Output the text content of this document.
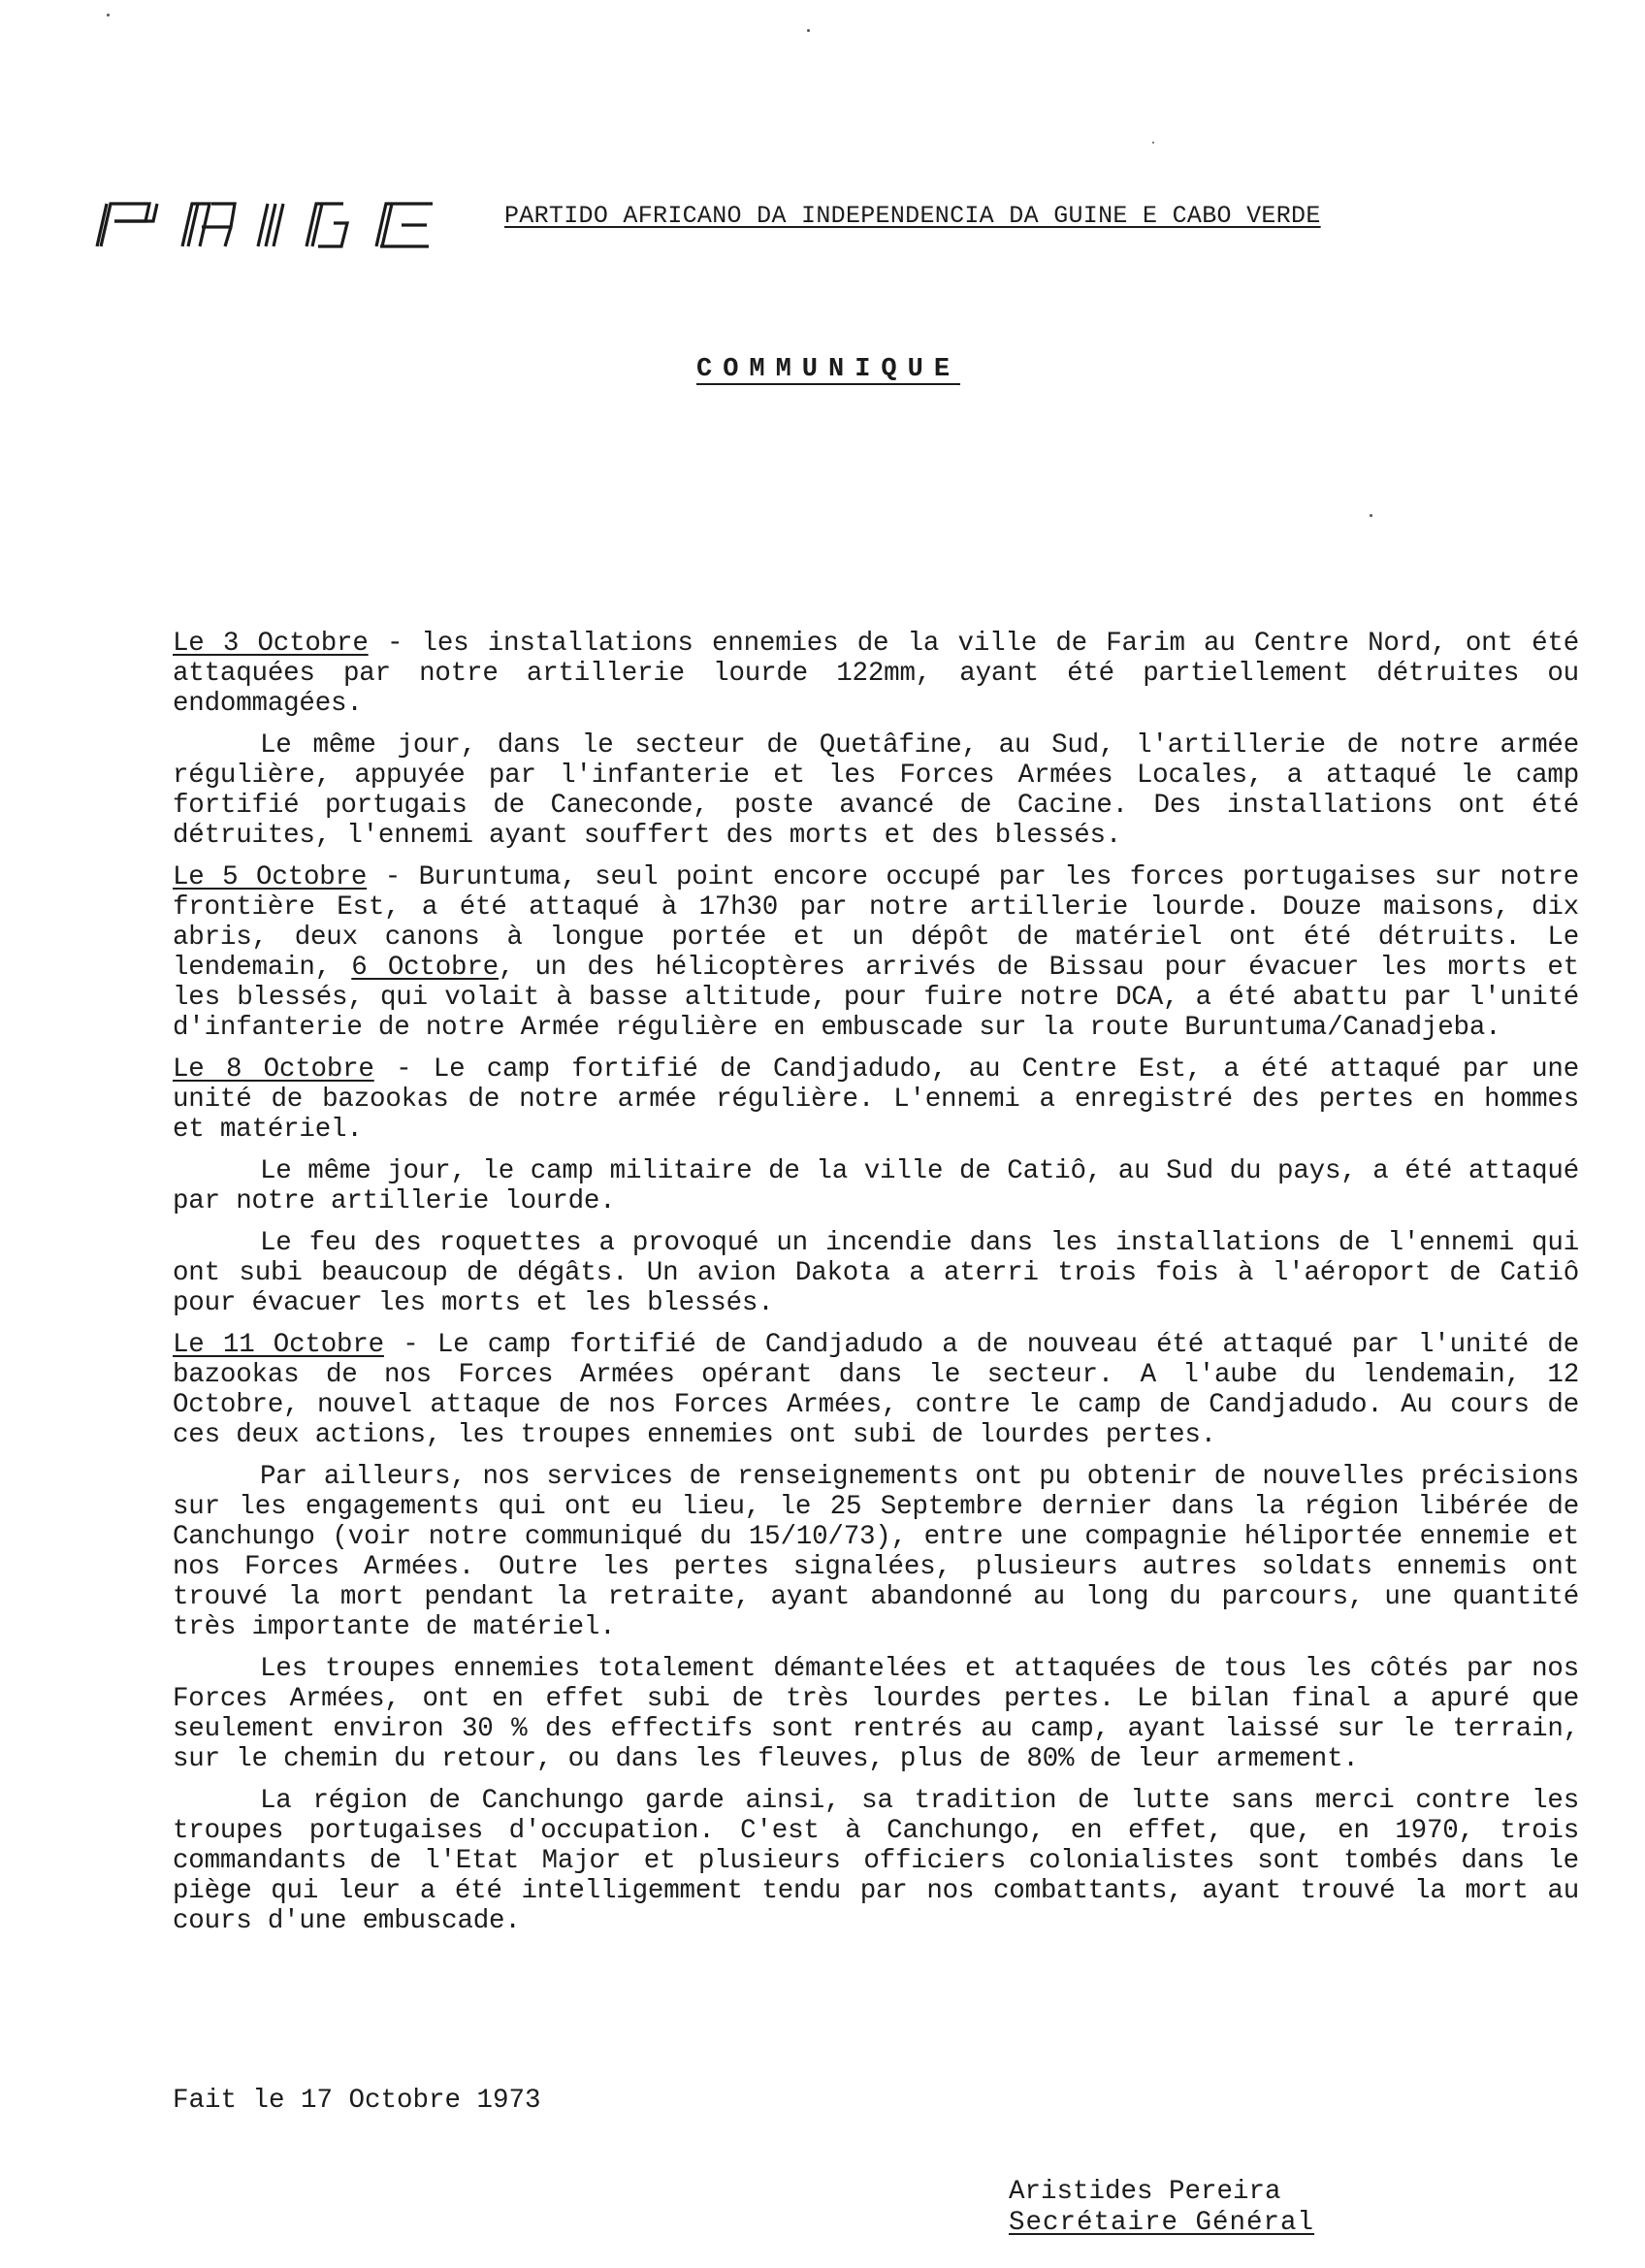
PARTIDO AFRICANO DA INDEPENDENCIA DA GUINE E CABO VERDE
COMMUNIQUE

Le 3 Octobre - les installations ennemies de la ville de Farim au Centre Nord, ont été attaquées par notre artillerie lourde 122mm, ayant été partiellement détruites ou endommagées.

Le même jour, dans le secteur de Quetâfine, au Sud, l'artillerie de notre armée régulière, appuyée par l'infanterie et les Forces Armées Locales, a attaqué le camp fortifié portugais de Caneconde, poste avancé de Cacine. Des installations ont été détruites, l'ennemi ayant souffert des morts et des blessés.

Le 5 Octobre - Buruntuma, seul point encore occupé par les forces portugaises sur notre frontière Est, a été attaqué à 17h30 par notre artillerie lourde. Douze maisons, dix abris, deux canons à longue portée et un dépôt de matériel ont été détruits. Le lendemain, 6 Octobre, un des hélicoptères arrivés de Bissau pour évacuer les morts et les blessés, qui volait à basse altitude, pour fuire notre DCA, a été abattu par l'unité d'infanterie de notre Armée régulière en embuscade sur la route Buruntuma/Canadjeba.

Le 8 Octobre - Le camp fortifié de Candjadudo, au Centre Est, a été attaqué par une unité de bazookas de notre armée régulière. L'ennemi a enregistré des pertes en hommes et matériel.

Le même jour, le camp militaire de la ville de Catiô, au Sud du pays, a été attaqué par notre artillerie lourde.

Le feu des roquettes a provoqué un incendie dans les installations de l'ennemi qui ont subi beaucoup de dégâts. Un avion Dakota a aterri trois fois à l'aéroport de Catiô pour évacuer les morts et les blessés.

Le 11 Octobre - Le camp fortifié de Candjadudo a de nouveau été attaqué par l'unité de bazookas de nos Forces Armées opérant dans le secteur. A l'aube du lendemain, 12 Octobre, nouvel attaque de nos Forces Armées, contre le camp de Candjadudo. Au cours de ces deux actions, les troupes ennemies ont subi de lourdes pertes.

Par ailleurs, nos services de renseignements ont pu obtenir de nouvelles précisions sur les engagements qui ont eu lieu, le 25 Septembre dernier dans la région libérée de Canchungo (voir notre communiqué du 15/10/73), entre une compagnie héliportée ennemie et nos Forces Armées. Outre les pertes signalées, plusieurs autres soldats ennemis ont trouvé la mort pendant la retraite, ayant abandonné au long du parcours, une quantité très importante de matériel.

Les troupes ennemies totalement démantelées et attaquées de tous les côtés par nos Forces Armées, ont en effet subi de très lourdes pertes. Le bilan final a apuré que seulement environ 30 % des effectifs sont rentrés au camp, ayant laissé sur le terrain, sur le chemin du retour, ou dans les fleuves, plus de 80% de leur armement.

La région de Canchungo garde ainsi, sa tradition de lutte sans merci contre les troupes portugaises d'occupation. C'est à Canchungo, en effet, que, en 1970, trois commandants de l'Etat Major et plusieurs officiers colonialistes sont tombés dans le piège qui leur a été intelligemment tendu par nos combattants, ayant trouvé la mort au cours d'une embuscade.

Fait le 17 Octobre 1973
Aristides Pereira
Secrétaire Général
